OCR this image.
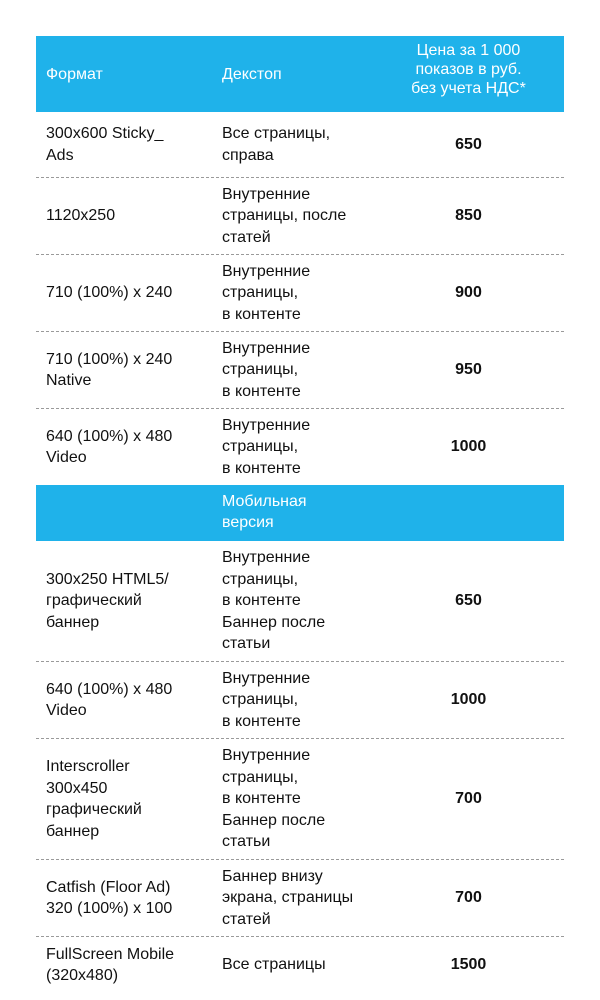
Формат	Декстоп
Цена за 1 000
показов в руб.
без учета НДС*
300x600 Sticky_
Ads
Все страницы,
справа
650
1120x250
Внутренние
страницы, после
статей
850
710 (100%) x 240
Внутренние
страницы,
в контенте
900
710 (100%) x 240
Native
Внутренние
страницы,
в контенте
950
640 (100%) x 480
Video
Внутренние
страницы,
в контенте
1000
Мобильная
версия
300x250 HTML5/
графический
баннер
Внутренние
страницы,
в контенте
Баннер после
статьи
650
640 (100%) x 480
Video
Внутренние
страницы,
в контенте
1000
Interscroller
300x450
графический
баннер
Внутренние
страницы,
в контенте
Баннер после
статьи
700
Catfish (Floor Ad)
320 (100%) x 100
Баннер внизу
экрана, страницы
статей
700
FullScreen Mobile
(320x480)
Все страницы	1500
